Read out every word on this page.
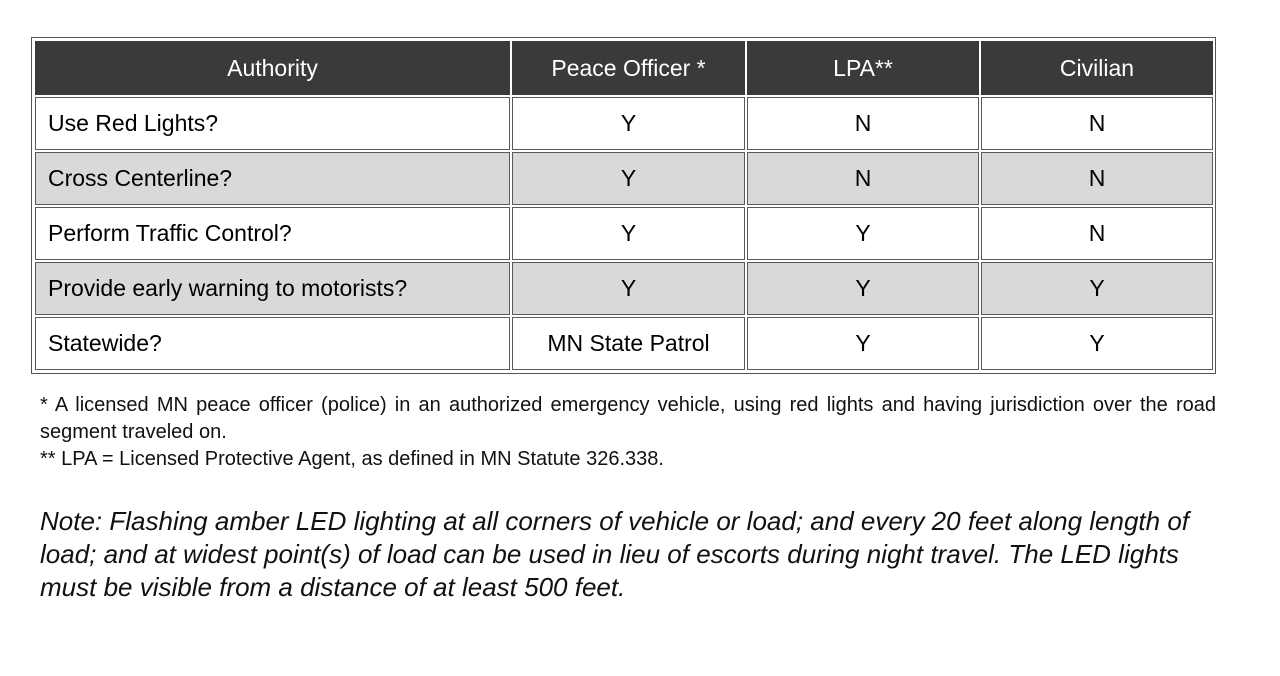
Authority	Peace Officer *	LPA**	Civilian
Use Red Lights?	Y	N	N
Cross Centerline?	Y	N	N
Perform Traffic Control?	Y	Y	N
Provide early warning to motorists?	Y	Y	Y
Statewide?	MN State Patrol	Y	Y
* A licensed MN peace officer (police) in an authorized emergency vehicle, using red lights and having jurisdiction over the road segment traveled on.
** LPA = Licensed Protective Agent, as defined in MN Statute 326.338.
Note: Flashing amber LED lighting at all corners of vehicle or load; and every 20 feet along length of load; and at widest point(s) of load can be used in lieu of escorts during night travel. The LED lights must be visible from a distance of at least 500 feet.
